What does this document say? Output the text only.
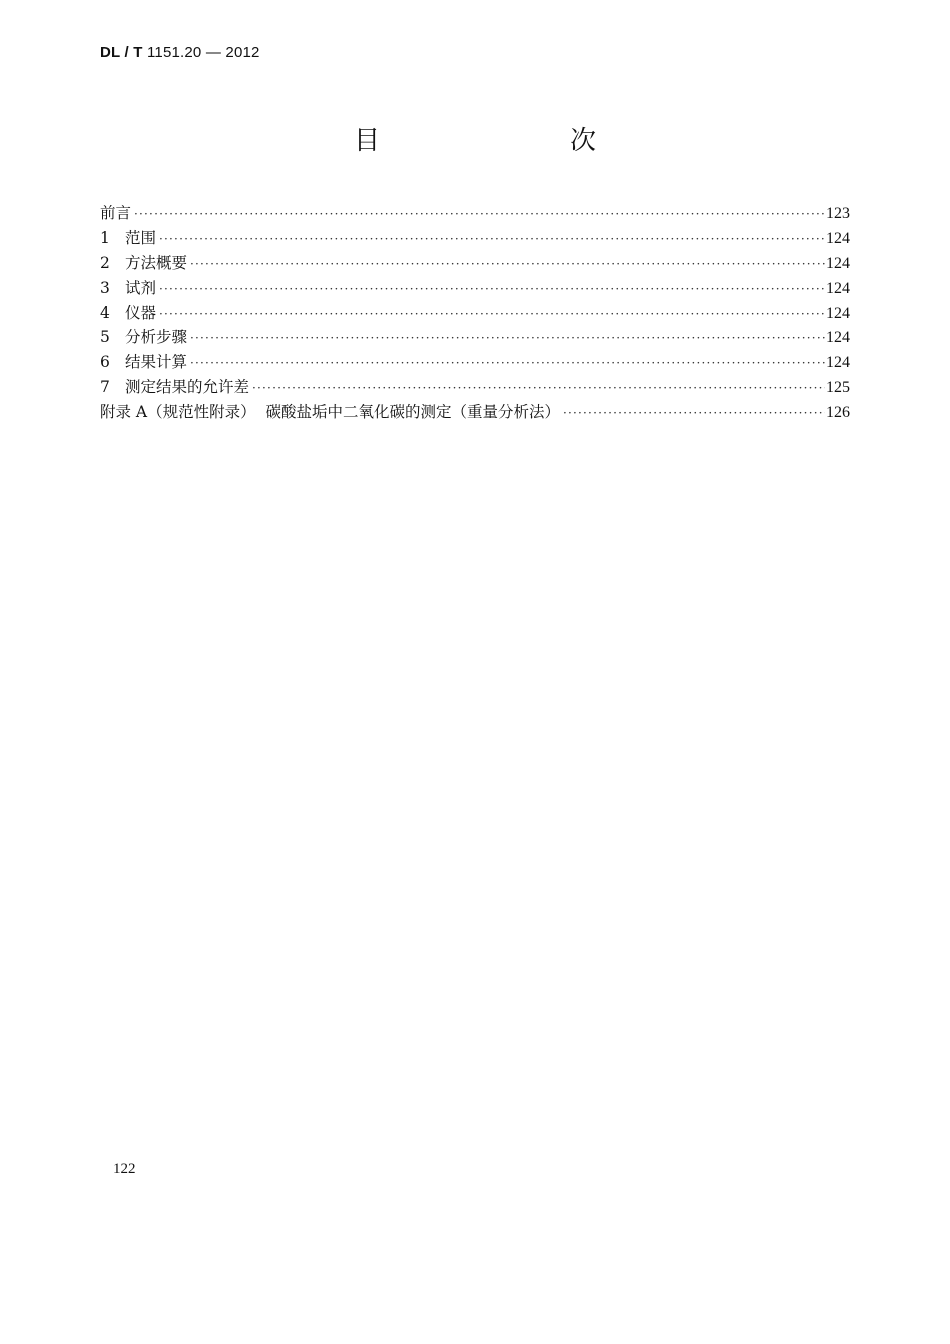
DL / T 1151.20 — 2012
目　　次
前言 ·····	123
1 范围 ·····	124
2 方法概要 ·····	124
3 试剂 ·····	124
4 仪器 ·····	124
5 分析步骤 ·····	124
6 结果计算 ·····	124
7 测定结果的允许差 ·····	125
附录 A（规范性附录）  碳酸盐垢中二氧化碳的测定（重量分析法） ·····	126
122
